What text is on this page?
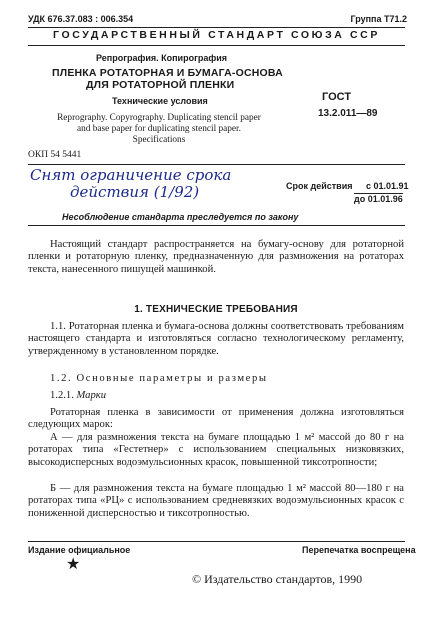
УДК 676.37.083 : 006.354	Группа Т71.2
ГОСУДАРСТВЕННЫЙ СТАНДАРТ СОЮЗА ССР
Репрография. Копирография
ПЛЕНКА РОТАТОРНАЯ И БУМАГА-ОСНОВА
ДЛЯ РОТАТОРНОЙ ПЛЕНКИ
Технические условия	ГОСТ
13.2.011—89
Reprography. Copyrography. Duplicating stencil paper
and base paper for duplicating stencil paper.
Specifications
ОКП 54 5441
Снят ограничение срока
действия (1/92)	Срок действия с 01.01.91
до 01.01.96
Несоблюдение стандарта преследуется по закону
Настоящий стандарт распространяется на бумагу-основу для ротаторной пленки и ротаторную пленку, предназначенную для размножения на ротаторах текста, нанесенного пишущей машинкой.
1. ТЕХНИЧЕСКИЕ ТРЕБОВАНИЯ
1.1. Ротаторная пленка и бумага-основа должны соответствовать требованиям настоящего стандарта и изготовляться согласно технологическому регламенту, утвержденному в установленном порядке.
1.2. Основные параметры и размеры
1.2.1. Марки
Ротаторная пленка в зависимости от применения должна изготовляться следующих марок:
А — для размножения текста на бумаге площадью 1 м² массой до 80 г на ротаторах типа «Гестетнер» с использованием специальных низковязких, высокодисперсных водоэмульсионных красок, повышенной тиксотропности;
Б — для размножения текста на бумаге площадью 1 м² массой 80—180 г на ротаторах типа «РЦ» с использованием средневязких водоэмульсионных красок с пониженной дисперсностью и тиксотропностью.
Издание официальное	Перепечатка воспрещена
★
© Издательство стандартов, 1990
